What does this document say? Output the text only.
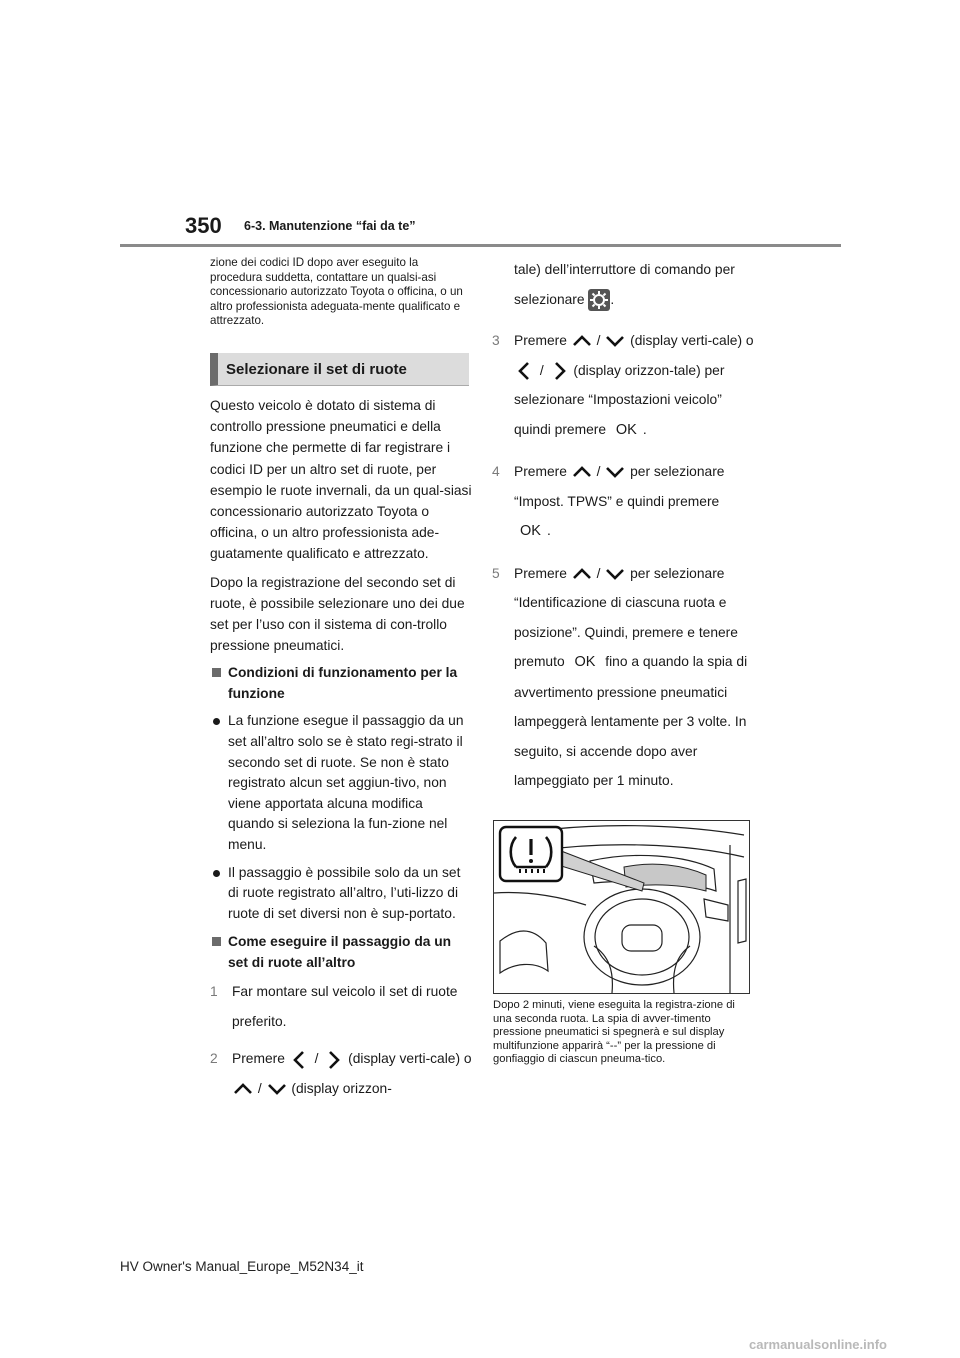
350 6-3. Manutenzione “fai da te”

zione dei codici ID dopo aver eseguito la procedura suddetta, contattare un qualsi-asi concessionario autorizzato Toyota o officina, o un altro professionista adeguata-mente qualificato e attrezzato.

Selezionare il set di ruote

Questo veicolo è dotato di sistema di controllo pressione pneumatici e della funzione che permette di far registrare i codici ID per un altro set di ruote, per esempio le ruote invernali, da un qual-siasi concessionario autorizzato Toyota o officina, o un altro professionista ade-guatamente qualificato e attrezzato.

Dopo la registrazione del secondo set di ruote, è possibile selezionare uno dei due set per l’uso con il sistema di con-trollo pressione pneumatici.

Condizioni di funzionamento per la funzione
La funzione esegue il passaggio da un set all’altro solo se è stato regi-strato il secondo set di ruote. Se non è stato registrato alcun set aggiun-tivo, non viene apportata alcuna modifica quando si seleziona la fun-zione nel menu.
Il passaggio è possibile solo da un set di ruote registrato all’altro, l’uti-lizzo di ruote di set diversi non è sup-portato.
Come eseguire il passaggio da un set di ruote all’altro
1 Far montare sul veicolo il set di ruote preferito.
2 Premere / (display verti-cale) o  / (display orizzon-
tale) dell’interruttore di comando per selezionare .
3 Premere / (display verti-cale) o  / (display orizzon-tale) per selezionare “Impostazioni veicolo” quindi premere OK .
4 Premere / per selezionare “Impost. TPWS” e quindi premere OK .
5 Premere / per selezionare “Identificazione di ciascuna ruota e posizione”. Quindi, premere e tenere premuto OK fino a quando la spia di avvertimento pressione pneumatici lampeggerà lentamente per 3 volte. In seguito, si accende dopo aver lampeggiato per 1 minuto.
Dopo 2 minuti, viene eseguita la registra-zione di una seconda ruota. La spia di avver-timento pressione pneumatici si spegnerà e sul display multifunzione apparirà “--” per la pressione di gonfiaggio di ciascun pneuma-tico.
HV Owner's Manual_Europe_M52N34_it
carmanualsonline.info
